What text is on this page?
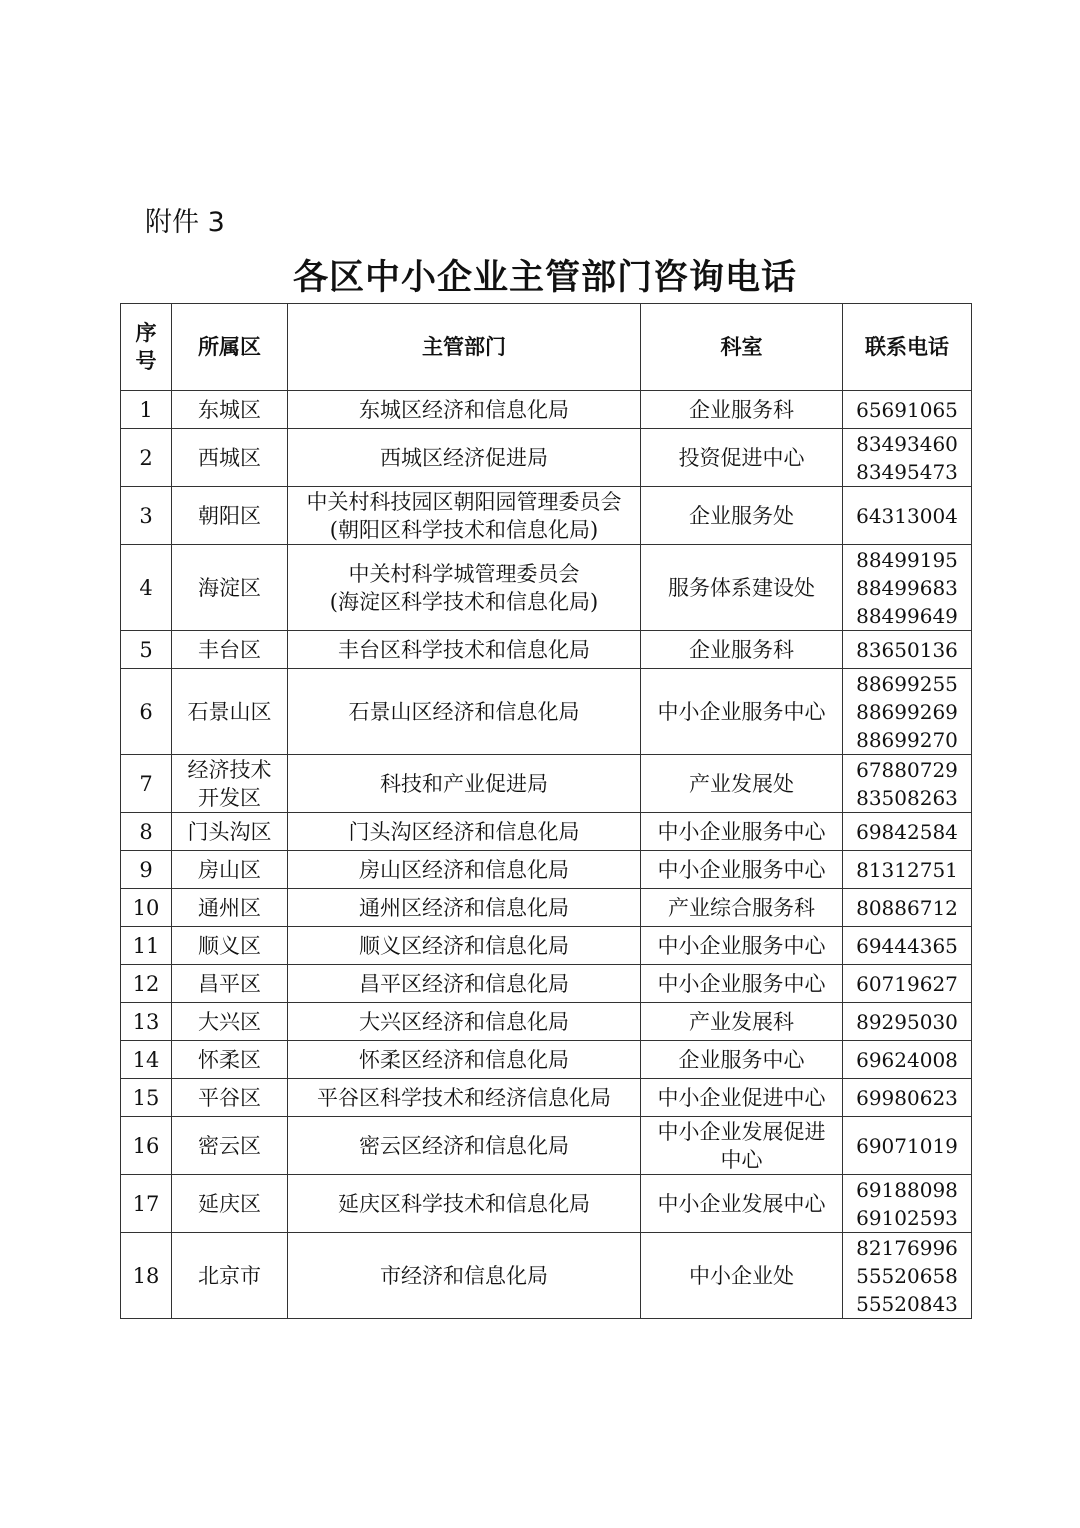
附件 3
各区中小企业主管部门咨询电话
序
号	所属区	主管部门	科室	联系电话
1	东城区	东城区经济和信息化局	企业服务科	65691065

2	西城区	西城区经济促进局	投资促进中心	83493460
83495473

3	朝阳区	中关村科技园区朝阳园管理委员会
(朝阳区科学技术和信息化局)	企业服务处	64313004

4	海淀区	中关村科学城管理委员会
(海淀区科学技术和信息化局)	服务体系建设处	88499195
88499683
88499649

5	丰台区	丰台区科学技术和信息化局	企业服务科	83650136

6	石景山区	石景山区经济和信息化局	中小企业服务中心	88699255
88699269
88699270

7	经济技术
开发区	科技和产业促进局	产业发展处	67880729
83508263

8	门头沟区	门头沟区经济和信息化局	中小企业服务中心	69842584

9	房山区	房山区经济和信息化局	中小企业服务中心	81312751

10	通州区	通州区经济和信息化局	产业综合服务科	80886712

11	顺义区	顺义区经济和信息化局	中小企业服务中心	69444365

12	昌平区	昌平区经济和信息化局	中小企业服务中心	60719627

13	大兴区	大兴区经济和信息化局	产业发展科	89295030

14	怀柔区	怀柔区经济和信息化局	企业服务中心	69624008

15	平谷区	平谷区科学技术和经济信息化局	中小企业促进中心	69980623

16	密云区	密云区经济和信息化局	中小企业发展促进
中心	69071019

17	延庆区	延庆区科学技术和信息化局	中小企业发展中心	69188098
69102593

18	北京市	市经济和信息化局	中小企业处	82176996
55520658
55520843
